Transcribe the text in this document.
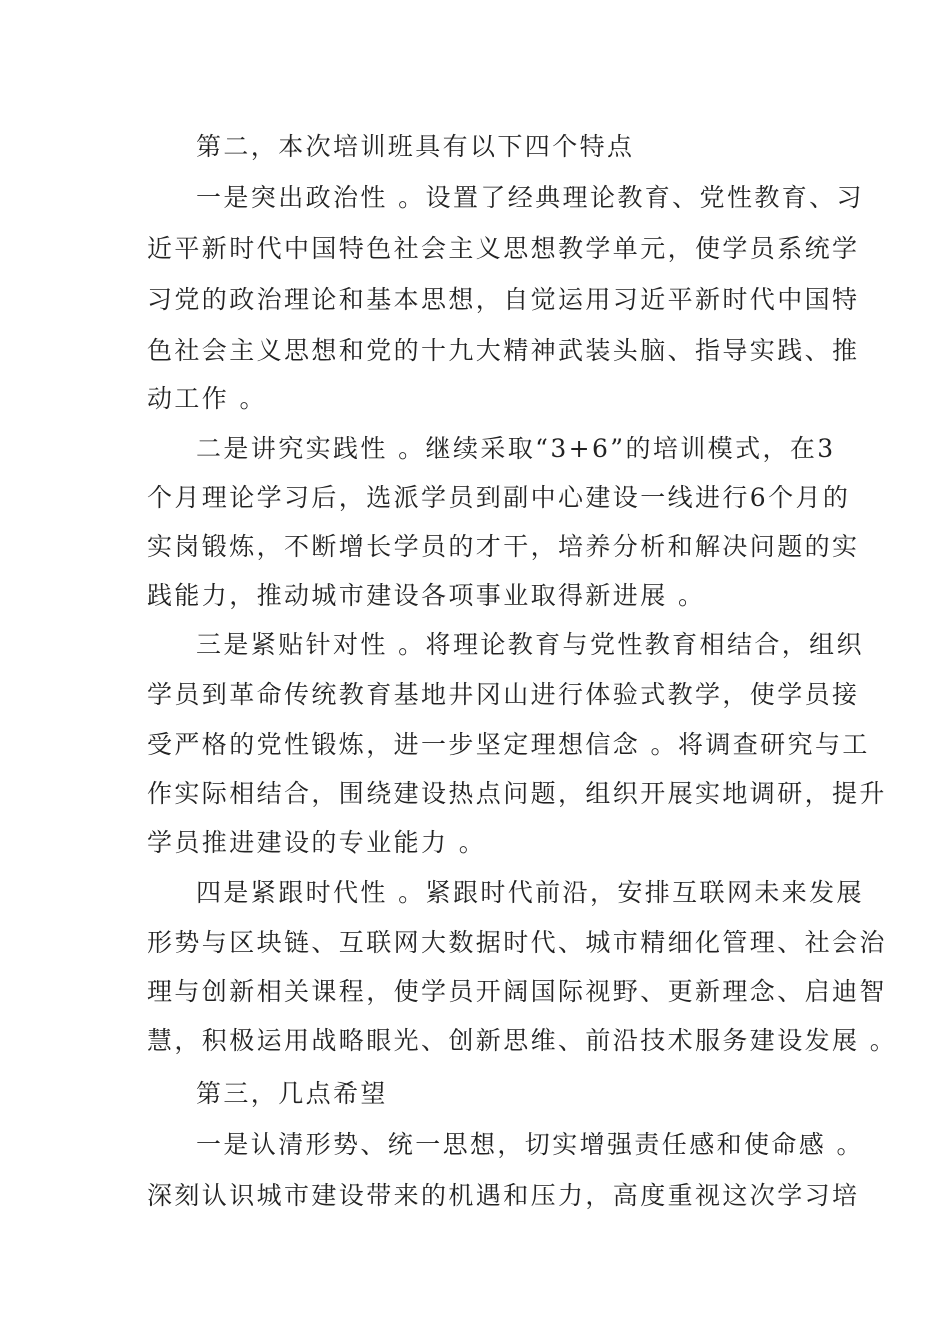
第二，本次培训班具有以下四个特点
一是突出政治性 。设置了经典理论教育、党性教育、习
近平新时代中国特色社会主义思想教学单元，使学员系统学
习党的政治理论和基本思想，自觉运用习近平新时代中国特
色社会主义思想和党的十九大精神武装头脑、指导实践、推
动工作 。
二是讲究实践性 。继续采取“3+6”的培训模式，在3
个月理论学习后，选派学员到副中心建设一线进行6个月的
实岗锻炼，不断增长学员的才干，培养分析和解决问题的实
践能力，推动城市建设各项事业取得新进展 。
三是紧贴针对性 。将理论教育与党性教育相结合，组织
学员到革命传统教育基地井冈山进行体验式教学，使学员接
受严格的党性锻炼，进一步坚定理想信念 。将调查研究与工
作实际相结合，围绕建设热点问题，组织开展实地调研，提升
学员推进建设的专业能力 。
四是紧跟时代性 。紧跟时代前沿，安排互联网未来发展
形势与区块链、互联网大数据时代、城市精细化管理、社会治
理与创新相关课程，使学员开阔国际视野、更新理念、启迪智
慧，积极运用战略眼光、创新思维、前沿技术服务建设发展 。
第三，几点希望
一是认清形势、统一思想，切实增强责任感和使命感 。
深刻认识城市建设带来的机遇和压力，高度重视这次学习培
